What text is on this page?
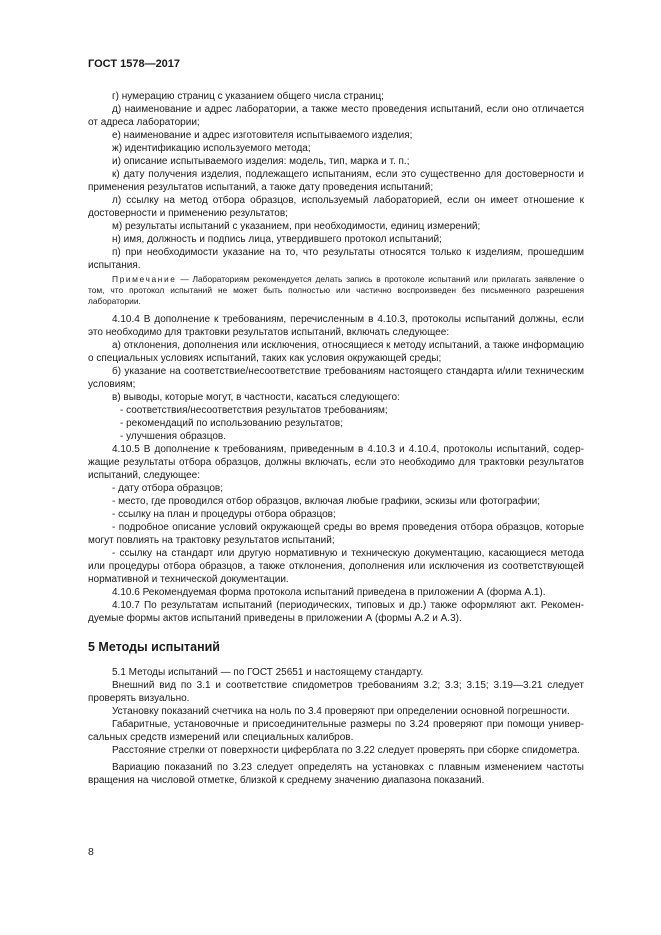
ГОСТ 1578—2017

г) нумерацию страниц с указанием общего числа страниц;

д) наименование и адрес лаборатории, а также место проведения испытаний, если оно отличается от адреса лаборатории;

е) наименование и адрес изготовителя испытываемого изделия;

ж) идентификацию используемого метода;

и) описание испытываемого изделия: модель, тип, марка и т. п.;

к) дату получения изделия, подлежащего испытаниям, если это существенно для достоверности и применения результатов испытаний, а также дату проведения испытаний;

л) ссылку на метод отбора образцов, используемый лабораторией, если он имеет отношение к достоверности и применению результатов;

м) результаты испытаний с указанием, при необходимости, единиц измерений;

н) имя, должность и подпись лица, утвердившего протокол испытаний;

п) при необходимости указание на то, что результаты относятся только к изделиям, прошедшим испытания.

Примечание — Лабораториям рекомендуется делать запись в протоколе испытаний или прилагать заявление о том, что протокол испытаний не может быть полностью или частично воспроизведен без письменного разрешения лаборатории.

4.10.4 В дополнение к требованиям, перечисленным в 4.10.3, протоколы испытаний должны, если это необходимо для трактовки результатов испытаний, включать следующее:

а) отклонения, дополнения или исключения, относящиеся к методу испытаний, а также информацию о специальных условиях испытаний, таких как условия окружающей среды;

б) указание на соответствие/несоответствие требованиям настоящего стандарта и/или техническим условиям;

в) выводы, которые могут, в частности, касаться следующего:

- соответствия/несоответствия результатов требованиям;

- рекомендаций по использованию результатов;

- улучшения образцов.

4.10.5 В дополнение к требованиям, приведенным в 4.10.3 и 4.10.4, протоколы испытаний, содержащие результаты отбора образцов, должны включать, если это необходимо для трактовки результатов испытаний, следующее:

- дату отбора образцов;

- место, где проводился отбор образцов, включая любые графики, эскизы или фотографии;

- ссылку на план и процедуры отбора образцов;

- подробное описание условий окружающей среды во время проведения отбора образцов, которые могут повлиять на трактовку результатов испытаний;

- ссылку на стандарт или другую нормативную и техническую документацию, касающиеся метода или процедуры отбора образцов, а также отклонения, дополнения или исключения из соответствующей нормативной и технической документации.

4.10.6 Рекомендуемая форма протокола испытаний приведена в приложении А (форма А.1).

4.10.7 По результатам испытаний (периодических, типовых и др.) также оформляют акт. Рекомендуемые формы актов испытаний приведены в приложении А (формы А.2 и А.3).

5 Методы испытаний

5.1 Методы испытаний — по ГОСТ 25651 и настоящему стандарту.

Внешний вид по 3.1 и соответствие спидометров требованиям 3.2; 3.3; 3.15; 3.19—3.21 следует проверять визуально.

Установку показаний счетчика на ноль по 3.4 проверяют при определении основной погрешности.

Габаритные, установочные и присоединительные размеры по 3.24 проверяют при помощи универсальных средств измерений или специальных калибров.

Расстояние стрелки от поверхности циферблата по 3.22 следует проверять при сборке спидометра.

Вариацию показаний по 3.23 следует определять на установках с плавным изменением частоты вращения на числовой отметке, близкой к среднему значению диапазона показаний.

8
